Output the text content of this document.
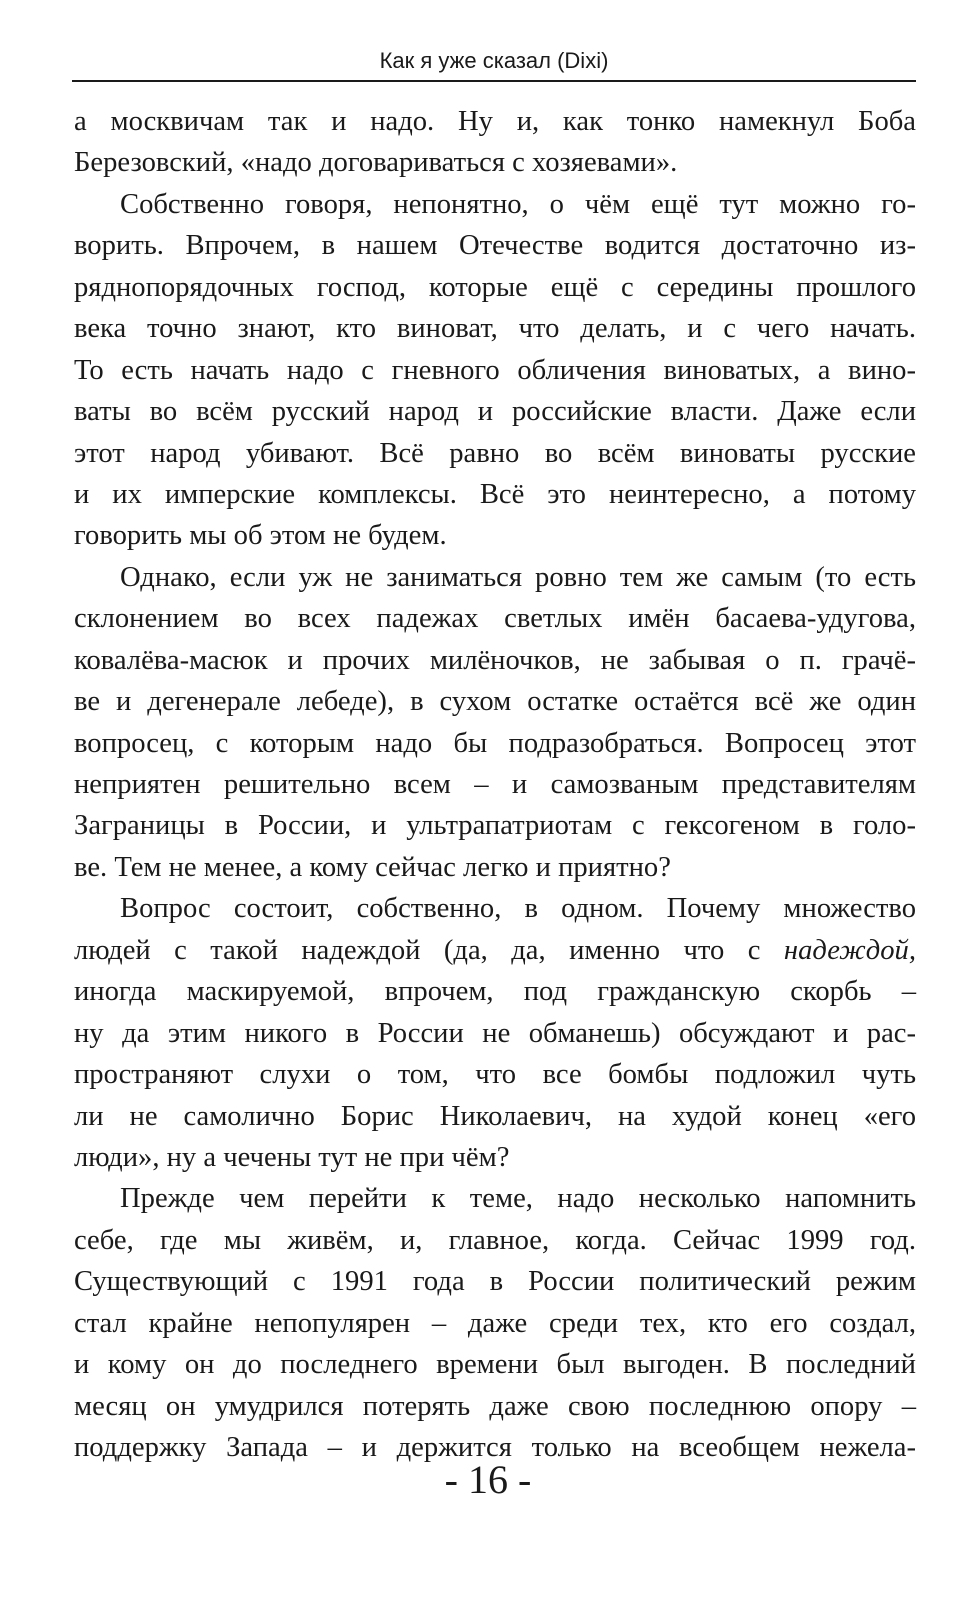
Как я уже сказал (Dixi)
а москвичам так и надо. Ну и, как тонко намекнул Боба
Березовский, «надо договариваться с хозяевами».
Собственно говоря, непонятно, о чём ещё тут можно го-
ворить. Впрочем, в нашем Отечестве водится достаточно из-
ряднопорядочных господ, которые ещё с середины прошлого
века точно знают, кто виноват, что делать, и с чего начать.
То есть начать надо с гневного обличения виноватых, а вино-
ваты во всём русский народ и российские власти. Даже если
этот народ убивают. Всё равно во всём виноваты русские
и их имперские комплексы. Всё это неинтересно, а потому
говорить мы об этом не будем.
Однако, если уж не заниматься ровно тем же самым (то есть
склонением во всех падежах светлых имён басаева-удугова,
ковалёва-масюк и прочих милёночков, не забывая о п. грачё-
ве и дегенерале лебеде), в сухом остатке остаётся всё же один
вопросец, с которым надо бы подразобраться. Вопросец этот
неприятен решительно всем – и самозваным представителям
Заграницы в России, и ультрапатриотам с гексогеном в голо-
ве. Тем не менее, а кому сейчас легко и приятно?
Вопрос состоит, собственно, в одном. Почему множество
людей с такой надеждой (да, да, именно что с надеждой,
иногда маскируемой, впрочем, под гражданскую скорбь –
ну да этим никого в России не обманешь) обсуждают и рас-
пространяют слухи о том, что все бомбы подложил чуть
ли не самолично Борис Николаевич, на худой конец «его
люди», ну а чечены тут не при чём?
Прежде чем перейти к теме, надо несколько напомнить
себе, где мы живём, и, главное, когда. Сейчас 1999 год.
Существующий с 1991 года в России политический режим
стал крайне непопулярен – даже среди тех, кто его создал,
и кому он до последнего времени был выгоден. В последний
месяц он умудрился потерять даже свою последнюю опору –
поддержку Запада – и держится только на всеобщем нежела-
- 16 -
